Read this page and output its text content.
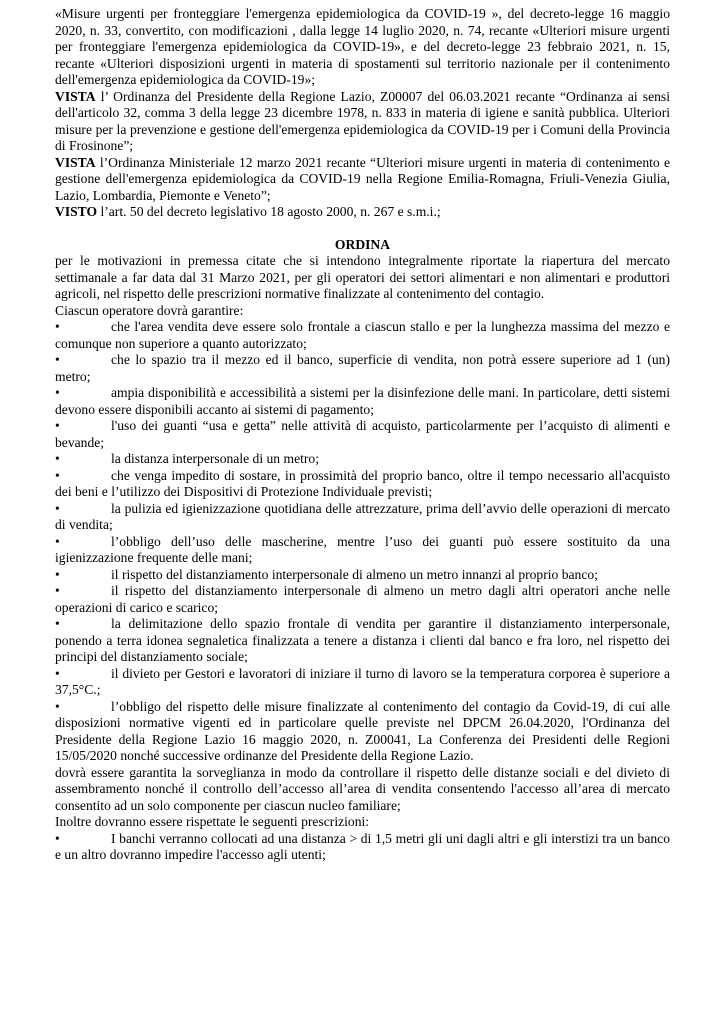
«Misure urgenti per fronteggiare l'emergenza epidemiologica da COVID-19 », del decreto-legge 16 maggio 2020, n. 33, convertito, con modificazioni , dalla legge 14 luglio 2020, n. 74, recante «Ulteriori misure urgenti per fronteggiare l'emergenza epidemiologica da COVID-19», e del decreto-legge 23 febbraio 2021, n. 15, recante «Ulteriori disposizioni urgenti in materia di spostamenti sul territorio nazionale per il contenimento dell'emergenza epidemiologica da COVID-19»;

VISTA l’ Ordinanza del Presidente della Regione Lazio, Z00007 del 06.03.2021 recante “Ordinanza ai sensi dell'articolo 32, comma 3 della legge 23 dicembre 1978, n. 833 in materia di igiene e sanità pubblica. Ulteriori misure per la prevenzione e gestione dell'emergenza epidemiologica da COVID-19 per i Comuni della Provincia di Frosinone”;

VISTA l’Ordinanza Ministeriale 12 marzo 2021 recante “Ulteriori misure urgenti in materia di contenimento e gestione dell'emergenza epidemiologica da COVID-19 nella Regione Emilia-Romagna, Friuli-Venezia Giulia, Lazio, Lombardia, Piemonte e Veneto”;

VISTO l’art. 50 del decreto legislativo 18 agosto 2000, n. 267 e s.m.i.;

ORDINA

per le motivazioni in premessa citate che si intendono integralmente riportate la riapertura del mercato settimanale a far data dal 31 Marzo 2021, per gli operatori dei settori alimentari e non alimentari e produttori agricoli, nel rispetto delle prescrizioni normative finalizzate al contenimento del contagio.

Ciascun operatore dovrà garantire:

•che l'area vendita deve essere solo frontale a ciascun stallo e per la lunghezza massima del mezzo e comunque non superiore a quanto autorizzato;
•che lo spazio tra il mezzo ed il banco, superficie di vendita, non potrà essere superiore ad 1 (un) metro;
•ampia disponibilità e accessibilità a sistemi per la disinfezione delle mani. In particolare, detti sistemi devono essere disponibili accanto ai sistemi di pagamento;
•l'uso dei guanti “usa e getta” nelle attività di acquisto, particolarmente per l’acquisto di alimenti e bevande;
•la distanza interpersonale di un metro;
•che venga impedito di sostare, in prossimità del proprio banco, oltre il tempo necessario all'acquisto dei beni e l’utilizzo dei Dispositivi di Protezione Individuale previsti;
•la pulizia ed igienizzazione quotidiana delle attrezzature, prima dell’avvio delle operazioni di mercato di vendita;
•l’obbligo dell’uso delle mascherine, mentre l’uso dei guanti può essere sostituito da una igienizzazione frequente delle mani;
•il rispetto del distanziamento interpersonale di almeno un metro innanzi al proprio banco;
•il rispetto del distanziamento interpersonale di almeno un metro dagli altri operatori anche nelle operazioni di carico e scarico;
•la delimitazione dello spazio frontale di vendita per garantire il distanziamento interpersonale, ponendo a terra idonea segnaletica finalizzata a tenere a distanza i clienti dal banco e fra loro, nel rispetto dei principi del distanziamento sociale;
•il divieto per Gestori e lavoratori di iniziare il turno di lavoro se la temperatura corporea è superiore a 37,5°C.;
•l’obbligo del rispetto delle misure finalizzate al contenimento del contagio da Covid-19, di cui alle disposizioni normative vigenti ed in particolare quelle previste nel DPCM 26.04.2020, l'Ordinanza del Presidente della Regione Lazio 16 maggio 2020, n. Z00041, La Conferenza dei Presidenti delle Regioni 15/05/2020 nonché successive ordinanze del Presidente della Regione Lazio.

dovrà essere garantita la sorveglianza in modo da controllare il rispetto delle distanze sociali e del divieto di assembramento nonché il controllo dell’accesso all’area di vendita consentendo l'accesso all’area di mercato consentito ad un solo componente per ciascun nucleo familiare;

Inoltre dovranno essere rispettate le seguenti prescrizioni:

•I banchi verranno collocati ad una distanza > di 1,5 metri gli uni dagli altri e gli interstizi tra un banco e un altro dovranno impedire l'accesso agli utenti;
